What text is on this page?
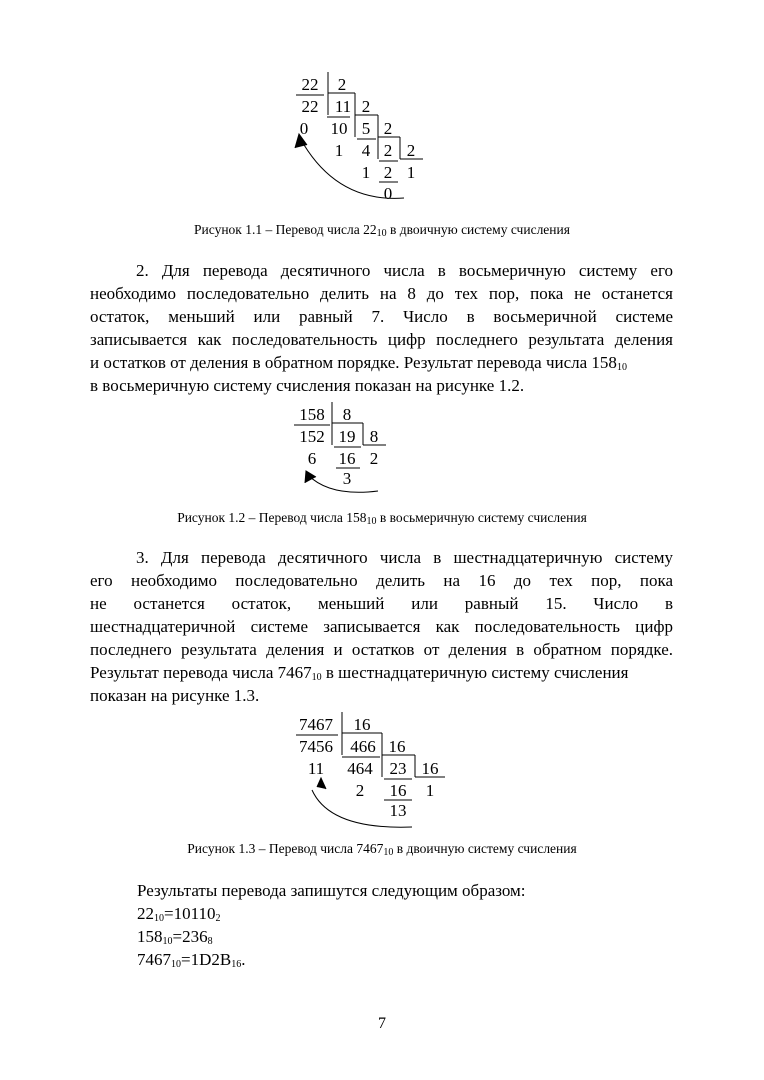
22 2
22 11 2
0 10 5 2
1 4 2 2
1 2 1
0
Рисунок 1.1 – Перевод числа $22_{10}$ в двоичную систему счисления
2. Для перевода десятичного числа в восьмеричную систему его
необходимо последовательно делить на 8 до тех пор, пока не останется
остаток, меньший или равный 7. Число в восьмеричной системе
записывается как последовательность цифр последнего результата деления
и остатков от деления в обратном порядке. Результат перевода числа $158_{10}$
в восьмеричную систему счисления показан на рисунке 1.2.
158 8
152 19 8
6 16 2
3
Рисунок 1.2 – Перевод числа $158_{10}$ в восьмеричную систему счисления
3. Для перевода десятичного числа в шестнадцатеричную систему
его необходимо последовательно делить на 16 до тех пор, пока
не останется остаток, меньший или равный 15. Число в
шестнадцатеричной системе записывается как последовательность цифр
последнего результата деления и остатков от деления в обратном порядке.
Результат перевода числа $7467_{10}$ в шестнадцатеричную систему счисления
показан на рисунке 1.3.
7467 16
7456 466 16
11 464 23 16
2 16 1
13
Рисунок 1.3 – Перевод числа $7467_{10}$ в двоичную систему счисления
Результаты перевода запишутся следующим образом:
$22_{10}=10110_2$
$158_{10}=236_8$
$7467_{10}=1D2B_{16}$.
7
